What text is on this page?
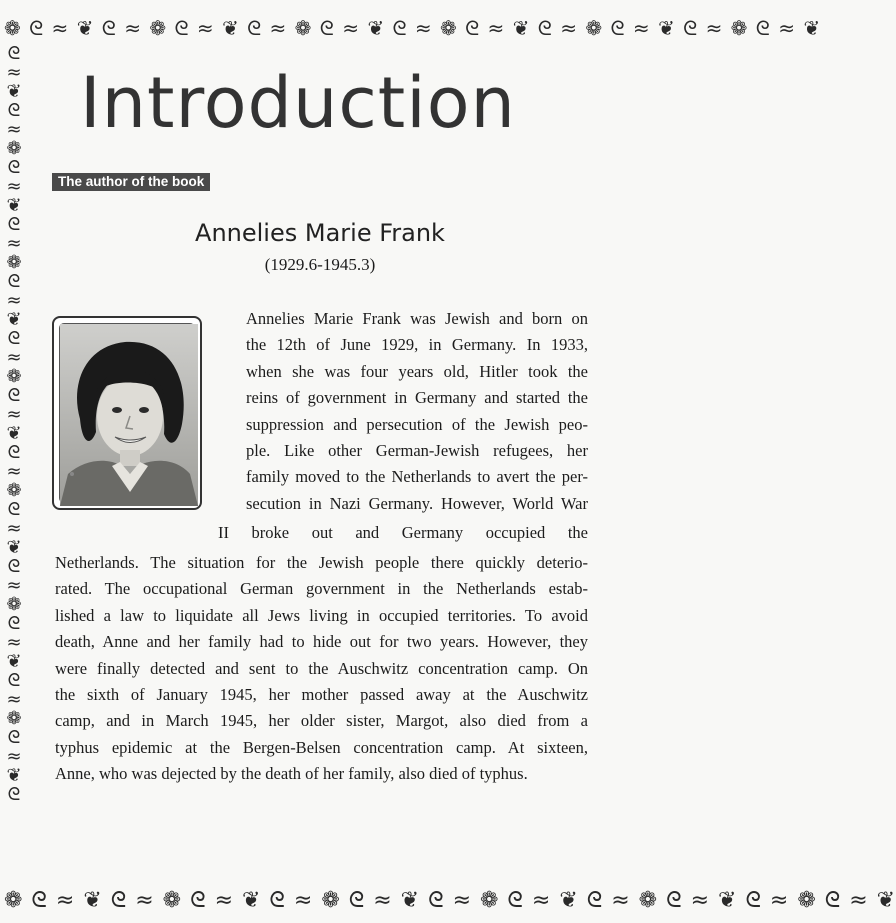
❁ ᘓ ≈ ❦ ᘓ ≈ ❁ ᘓ ≈ ❦ ᘓ ≈ ❁ ᘓ ≈ ❦ ᘓ ≈ ❁ ᘓ ≈ ❦ ᘓ ≈ ❁ ᘓ ≈ ❦ ᘓ ≈ ❁ ᘓ ≈ ❦
ᘓ
≈
❦
ᘓ
≈
❁
ᘓ
≈
❦
ᘓ
≈
❁
ᘓ
≈
❦
ᘓ
≈
❁
ᘓ
≈
❦
ᘓ
≈
❁
ᘓ
≈
❦
ᘓ
≈
❁
ᘓ
≈
❦
ᘓ
≈
❁
ᘓ
≈
❦
ᘓ
❁ ᘓ ≈ ❦ ᘓ ≈ ❁ ᘓ ≈ ❦ ᘓ ≈ ❁ ᘓ ≈ ❦ ᘓ ≈ ❁ ᘓ ≈ ❦ ᘓ ≈ ❁ ᘓ ≈ ❦ ᘓ ≈ ❁ ᘓ ≈ ❦
Introduction
The author of the book
Annelies Marie Frank
(1929.6-1945.3)
Annelies Marie Frank was Jewish and born on
the 12th of June 1929, in Germany. In 1933,
when she was four years old, Hitler took the
reins of government in Germany and started the
suppression and persecution of the Jewish peo-
ple. Like other German-Jewish refugees, her
family moved to the Netherlands to avert the per-
secution in Nazi Germany. However, World War
II broke out and Germany occupied the
Netherlands. The situation for the Jewish people there quickly deterio-
rated. The occupational German government in the Netherlands estab-
lished a law to liquidate all Jews living in occupied territories. To avoid
death, Anne and her family had to hide out for two years. However, they
were finally detected and sent to the Auschwitz concentration camp. On
the sixth of January 1945, her mother passed away at the Auschwitz
camp, and in March 1945, her older sister, Margot, also died from a
typhus epidemic at the Bergen-Belsen concentration camp. At sixteen,
Anne, who was dejected by the death of her family, also died of typhus.
